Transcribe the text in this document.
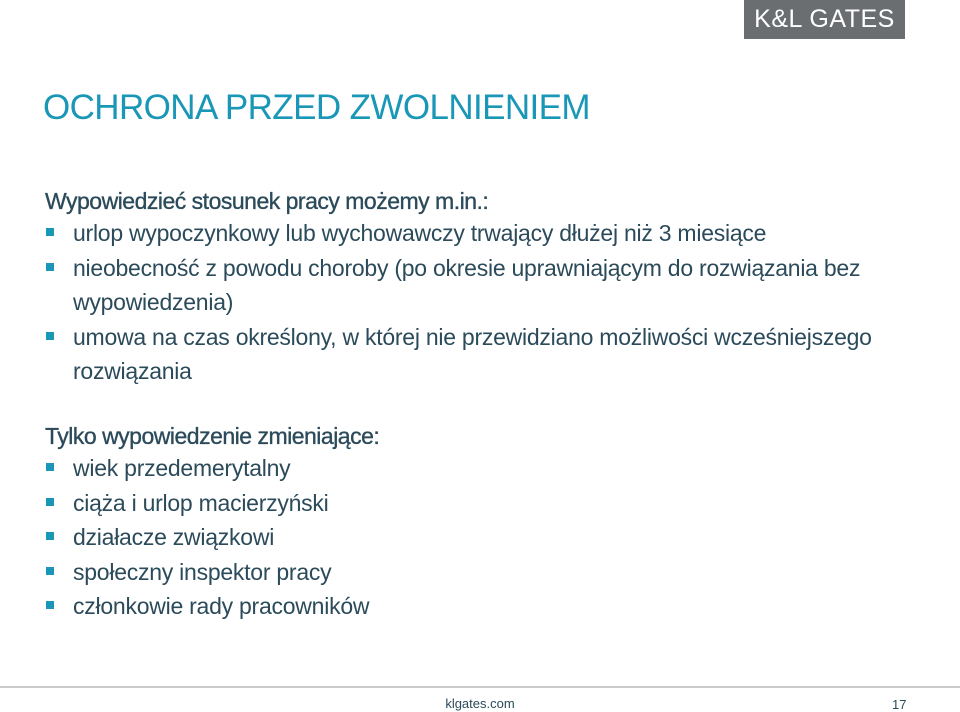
K&L GATES
OCHRONA PRZED ZWOLNIENIEM
Wypowiedzieć stosunek pracy możemy m.in.:
urlop wypoczynkowy lub wychowawczy trwający dłużej niż 3 miesiące
nieobecność z powodu choroby (po okresie uprawniającym do rozwiązania bez wypowiedzenia)
umowa na czas określony, w której nie przewidziano możliwości wcześniejszego rozwiązania
Tylko wypowiedzenie zmieniające:
wiek przedemerytalny
ciąża i urlop macierzyński
działacze związkowi
społeczny inspektor pracy
członkowie rady pracowników
klgates.com	17
